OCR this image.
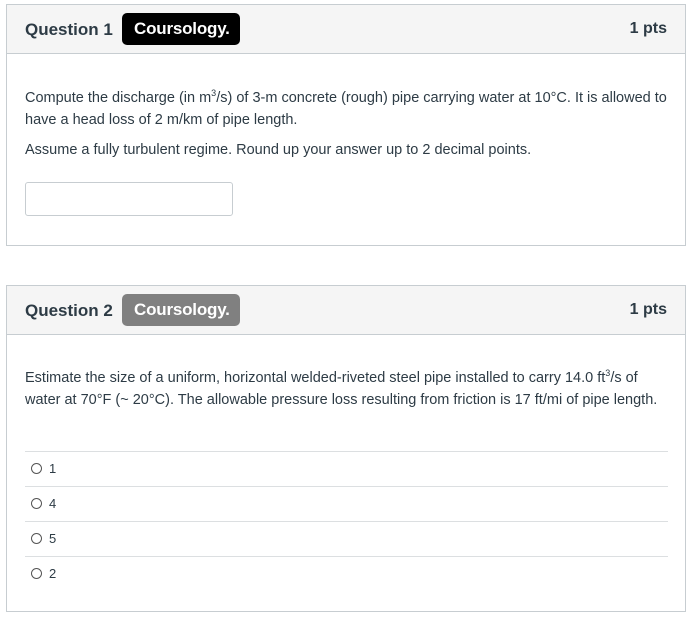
Question 1	Coursology.	1 pts

Compute the discharge (in $m^3/s$) of 3-m concrete (rough) pipe carrying water at 10°C. It is allowed to have a head loss of 2 m/km of pipe length.

Assume a fully turbulent regime. Round up your answer up to 2 decimal points.

Question 2	Coursology.	1 pts

Estimate the size of a uniform, horizontal welded-riveted steel pipe installed to carry 14.0 $ft^3/s$ of water at 70°F (~ 20°C). The allowable pressure loss resulting from friction is 17 ft/mi of pipe length.

1
4
5
2
